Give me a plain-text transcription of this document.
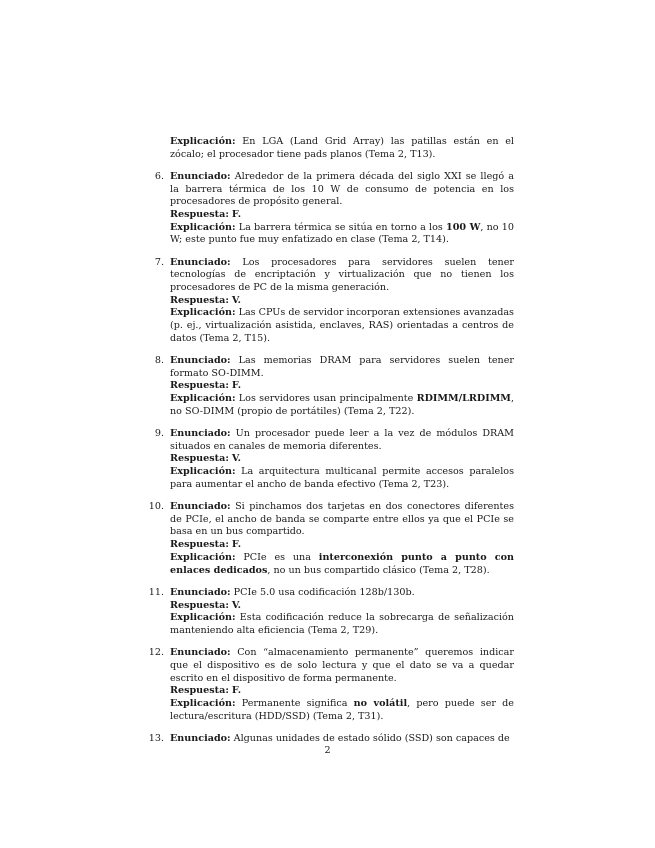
Explicación: En LGA (Land Grid Array) las patillas están en el zócalo; el procesador tiene pads planos (Tema 2, T13).
6. Enunciado: Alrededor de la primera década del siglo XXI se llegó a la barrera térmica de los 10 W de consumo de potencia en los procesadores de propósito general.
Respuesta: F.
Explicación: La barrera térmica se sitúa en torno a los 100 W, no 10 W; este punto fue muy enfatizado en clase (Tema 2, T14).
7. Enunciado: Los procesadores para servidores suelen tener tecnologías de encriptación y virtualización que no tienen los procesadores de PC de la misma generación.
Respuesta: V.
Explicación: Las CPUs de servidor incorporan extensiones avanzadas (p. ej., virtualización asistida, enclaves, RAS) orientadas a centros de datos (Tema 2, T15).
8. Enunciado: Las memorias DRAM para servidores suelen tener formato SO-DIMM.
Respuesta: F.
Explicación: Los servidores usan principalmente RDIMM/LRDIMM, no SO-DIMM (propio de portátiles) (Tema 2, T22).
9. Enunciado: Un procesador puede leer a la vez de módulos DRAM situados en canales de memoria diferentes.
Respuesta: V.
Explicación: La arquitectura multicanal permite accesos paralelos para aumentar el ancho de banda efectivo (Tema 2, T23).
10. Enunciado: Si pinchamos dos tarjetas en dos conectores diferentes de PCIe, el ancho de banda se comparte entre ellos ya que el PCIe se basa en un bus compartido.
Respuesta: F.
Explicación: PCIe es una interconexión punto a punto con enlaces dedicados, no un bus compartido clásico (Tema 2, T28).
11. Enunciado: PCIe 5.0 usa codificación 128b/130b.
Respuesta: V.
Explicación: Esta codificación reduce la sobrecarga de señalización manteniendo alta eficiencia (Tema 2, T29).
12. Enunciado: Con “almacenamiento permanente” queremos indicar que el dispositivo es de solo lectura y que el dato se va a quedar escrito en el dispositivo de forma permanente.
Respuesta: F.
Explicación: Permanente significa no volátil, pero puede ser de lectura/escritura (HDD/SSD) (Tema 2, T31).
13. Enunciado: Algunas unidades de estado sólido (SSD) son capaces de
2
